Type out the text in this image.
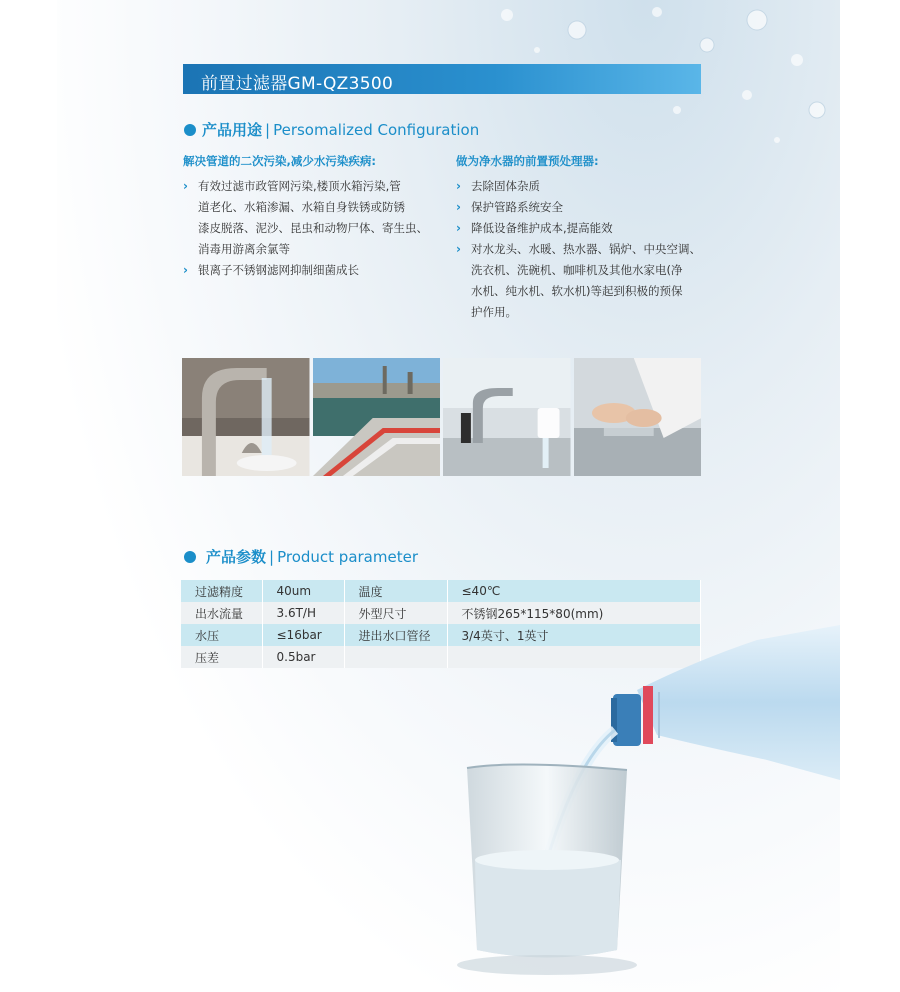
前置过滤器GM-QZ3500
产品用途 | Persomalized Configuration
解决管道的二次污染,减少水污染疾病:
› 有效过滤市政管网污染,楼顶水箱污染,管
道老化、水箱渗漏、水箱自身铁锈或防锈
漆皮脱落、泥沙、昆虫和动物尸体、寄生虫、
消毒用游离余氯等
› 银离子不锈钢滤网抑制细菌成长
做为净水器的前置预处理器:
› 去除固体杂质
› 保护管路系统安全
› 降低设备维护成本,提高能效
› 对水龙头、水暖、热水器、锅炉、中央空调、
洗衣机、洗碗机、咖啡机及其他水家电(净
水机、纯水机、软水机)等起到积极的预保
护作用。
产品参数 | Product parameter
过滤精度	40um	温度	≤40℃
出水流量	3.6T/H	外型尺寸	不锈钢265*115*80(mm)
水压	≤16bar	进出水口管径	3/4英寸、1英寸
压差	0.5bar		
